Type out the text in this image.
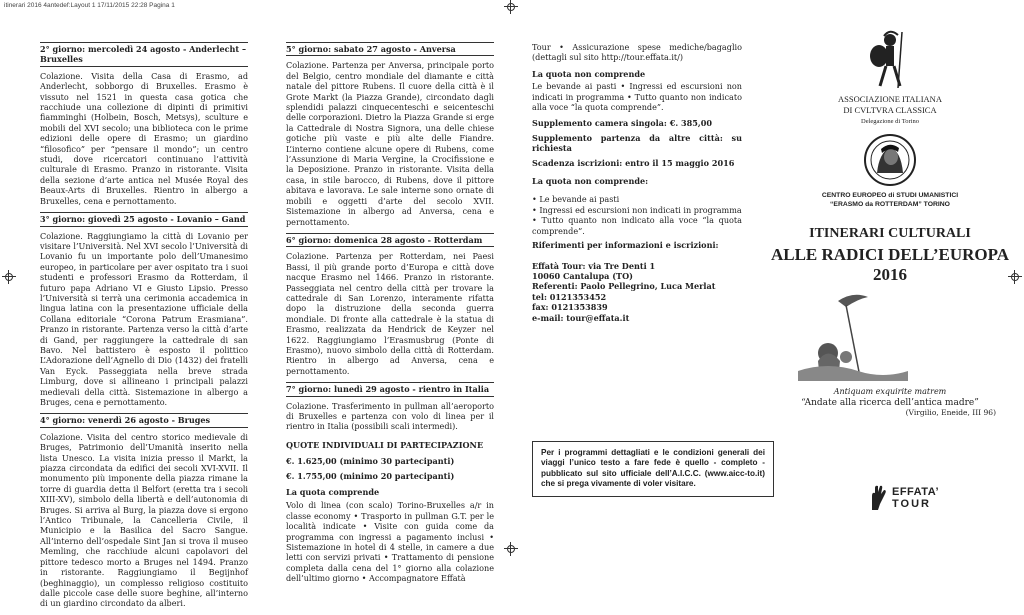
itinerari 2016 4antedef:Layout 1 17/11/2015 22:28 Pagina 1
2° giorno: mercoledì 24 agosto - Anderlecht – Bruxelles

Colazione. Visita della Casa di Erasmo, ad Anderlecht, sobborgo di Bruxelles. Erasmo è vissuto nel 1521 in questa casa gotica che racchiude una collezione di dipinti di primitivi fiamminghi (Holbein, Bosch, Metsys), sculture e mobili del XVI secolo; una biblioteca con le prime edizioni delle opere di Erasmo; un giardino “filosofico” per “pensare il mondo”; un centro studi, dove ricercatori continuano l’attività culturale di Erasmo. Pranzo in ristorante. Visita della sezione d’arte antica nel Musée Royal des Beaux-Arts di Bruxelles. Rientro in albergo a Bruxelles, cena e pernottamento.

3° giorno: giovedì 25 agosto - Lovanio – Gand

Colazione. Raggiungiamo la città di Lovanio per visitare l’Università. Nel XVI secolo l’Università di Lovanio fu un importante polo dell’Umanesimo europeo, in particolare per aver ospitato tra i suoi studenti e professori Erasmo da Rotterdam, il futuro papa Adriano VI e Giusto Lipsio. Presso l’Università si terrà una cerimonia accademica in lingua latina con la presentazione ufficiale della Collana editoriale “Corona Patrum Erasmiana”. Pranzo in ristorante. Partenza verso la città d’arte di Gand, per raggiungere la cattedrale di san Bavo. Nel battistero è esposto il politticо L’Adorazione dell’Agnello di Dio (1432) dei fratelli Van Eyck. Passeggiata nella breve strada Limburg, dove si allineano i principali palazzi medievali della città. Sistemazione in albergo a Bruges, cena e pernottamento.

4° giorno: venerdì 26 agosto - Bruges

Colazione. Visita del centro storico medievale di Bruges, Patrimonio dell’Umanità inserito nella lista Unesco. La visita inizia presso il Markt, la piazza circondata da edifici dei secoli XVI-XVII. Il monumento più imponente della piazza rimane la torre di guardia detta il Belfort (eretta tra i secoli XIII-XV), simbolo della libertà e dell’autonomia di Bruges. Si arriva al Burg, la piazza dove si ergono l’Antico Tribunale, la Cancelleria Civile, il Municipio e la Basilica del Sacro Sangue. All’interno dell’ospedale Sint Jan si trova il museo Memling, che racchiude alcuni capolavori del pittore tedesco morto a Bruges nel 1494. Pranzo in ristorante. Raggiungiamo il Begijnhof (beghinaggio), un complesso religioso costituito dalle piccole case delle suore beghine, all’interno di un giardino circondato da alberi.

5° giorno: sabato 27 agosto - Anversa

Colazione. Partenza per Anversa, principale porto del Belgio, centro mondiale del diamante e città natale del pittore Rubens. Il cuore della città è il Grote Markt (la Piazza Grande), circondato dagli splendidi palazzi cinquecenteschi e seicenteschi delle corporazioni. Dietro la Piazza Grande si erge la Cattedrale di Nostra Signora, una delle chiese gotiche più vaste e più alte delle Fiandre. L’interno contiene alcune opere di Rubens, come l’Assunzione di Maria Vergine, la Crocifissione e la Deposizione. Pranzo in ristorante. Visita della casa, in stile barocco, di Rubens, dove il pittore abitava e lavorava. Le sale interne sono ornate di mobili e oggetti d’arte del secolo XVII. Sistemazione in albergo ad Anversa, cena e pernottamento.

6° giorno: domenica 28 agosto - Rotterdam

Colazione. Partenza per Rotterdam, nei Paesi Bassi, il più grande porto d’Europa e città dove nacque Erasmo nel 1466. Pranzo in ristorante. Passeggiata nel centro della città per trovare la cattedrale di San Lorenzo, interamente rifatta dopo la distruzione della seconda guerra mondiale. Di fronte alla cattedrale è la statua di Erasmo, realizzata da Hendrick de Keyzer nel 1622. Raggiungiamo l’Erasmusbrug (Ponte di Erasmo), nuovo simbolo della città di Rotterdam. Rientro in albergo ad Anversa, cena e pernottamento.

7° giorno: lunedì 29 agosto - rientro in Italia

Colazione. Trasferimento in pullman all’aeroporto di Bruxelles e partenza con volo di linea per il rientro in Italia (possibili scali intermedi).

QUOTE INDIVIDUALI DI PARTECIPAZIONE
€. 1.625,00 (minimo 30 partecipanti)
€. 1.755,00 (minimo 20 partecipanti)
La quota comprende

Volo di linea (con scalo) Torino-Bruxelles a/r in classe economy • Trasporto in pullman G.T. per le località indicate • Visite con guida come da programma con ingressi a pagamento inclusi • Sistemazione in hotel di 4 stelle, in camere a due letti con servizi privati • Trattamento di pensione completa dalla cena del 1° giorno alla colazione dell’ultimo giorno • Accompagnatore Effatà

Tour • Assicurazione spese mediche/bagaglio (dettagli sul sito http://tour.effata.it/)

La quota non comprende

Le bevande ai pasti • Ingressi ed escursioni non indicati in programma • Tutto quanto non indicato alla voce “la quota comprende”.

Supplemento camera singola: €. 385,00
Supplemento partenza da altre città: su richiesta
Scadenza iscrizioni: entro il 15 maggio 2016
La quota non comprende:
• Le bevande ai pasti
• Ingressi ed escursioni non indicati in programma
• Tutto quanto non indicato alla voce “la quota comprende”.
Riferimenti per informazioni e iscrizioni:
Effatà Tour: via Tre Denti 1
10060 Cantalupa (TO)
Referenti: Paolo Pellegrino, Luca Merlat
tel: 0121353452
fax: 0121353839
e-mail: tour@effata.it
Per i programmi dettagliati e le condizioni generali dei viaggi l’unico testo a fare fede è quello - completo - pubblicato sul sito ufficiale dell’A.I.C.C. (www.aicc-to.it) che si prega vivamente di voler visitare.
ASSOCIAZIONE ITALIANA
DI CVLTVRA CLASSICA
Delegazione di Torino
CENTRO EUROPEO di STUDI UMANISTICI
“ERASMO da ROTTERDAM” TORINO
ITINERARI CULTURALI
ALLE RADICI DELL’EUROPA
2016
Antiquam exquirite matrem
“Andate alla ricerca dell’antica madre”
(Virgilio, Eneide, III 96)
EFFATA’
TOUR
